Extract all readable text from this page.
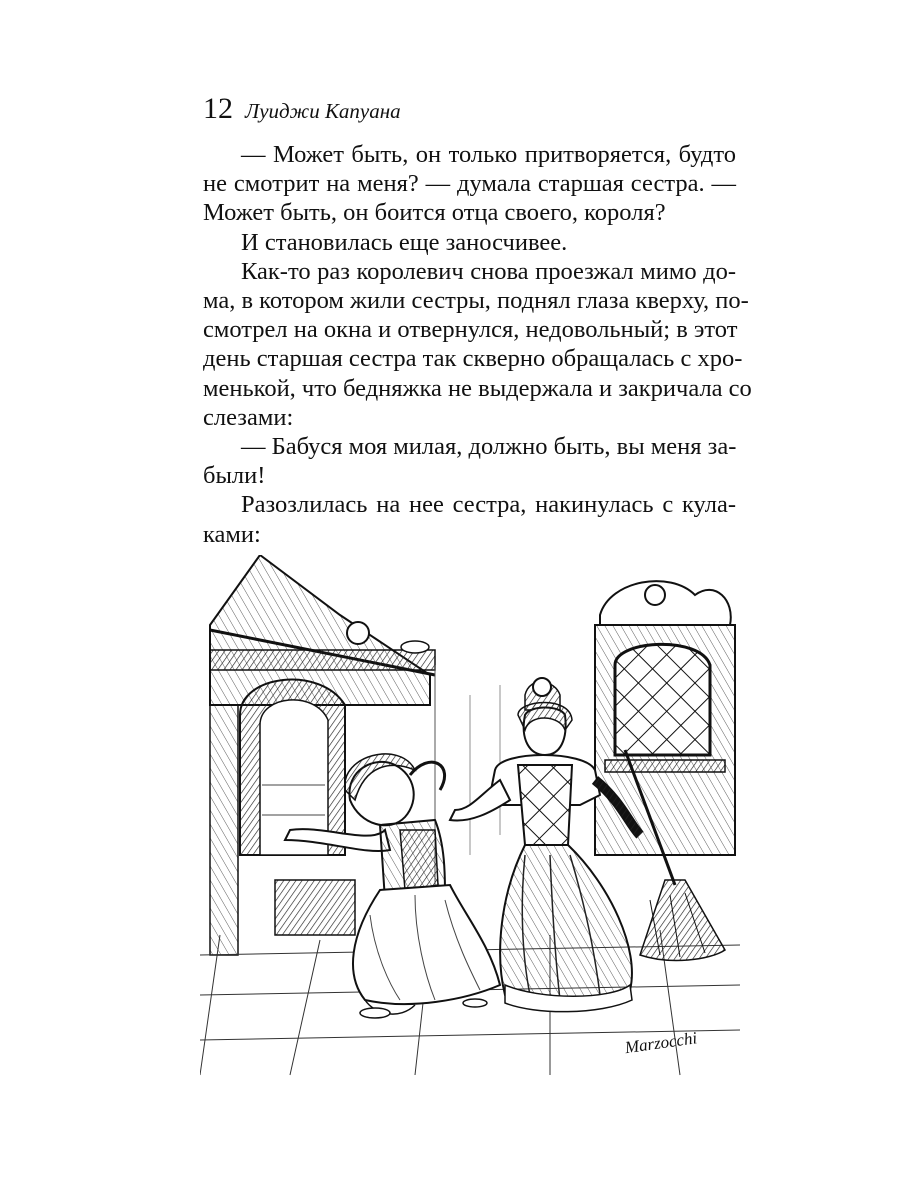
12 Луиджи Капуана
— Может быть, он только притворяется, будто
не смотрит на меня? — думала старшая сестра. —
Может быть, он боится отца своего, короля?
И становилась еще заносчивее.
Как-то раз королевич снова проезжал мимо до-
ма, в котором жили сестры, поднял глаза кверху, по-
смотрел на окна и отвернулся, недовольный; в этот
день старшая сестра так скверно обращалась с хро-
менькой, что бедняжка не выдержала и закричала со
слезами:
— Бабуся моя милая, должно быть, вы меня за-
были!
Разозлилась на нее сестра, накинулась с кула-
ками:
Marzocchi
